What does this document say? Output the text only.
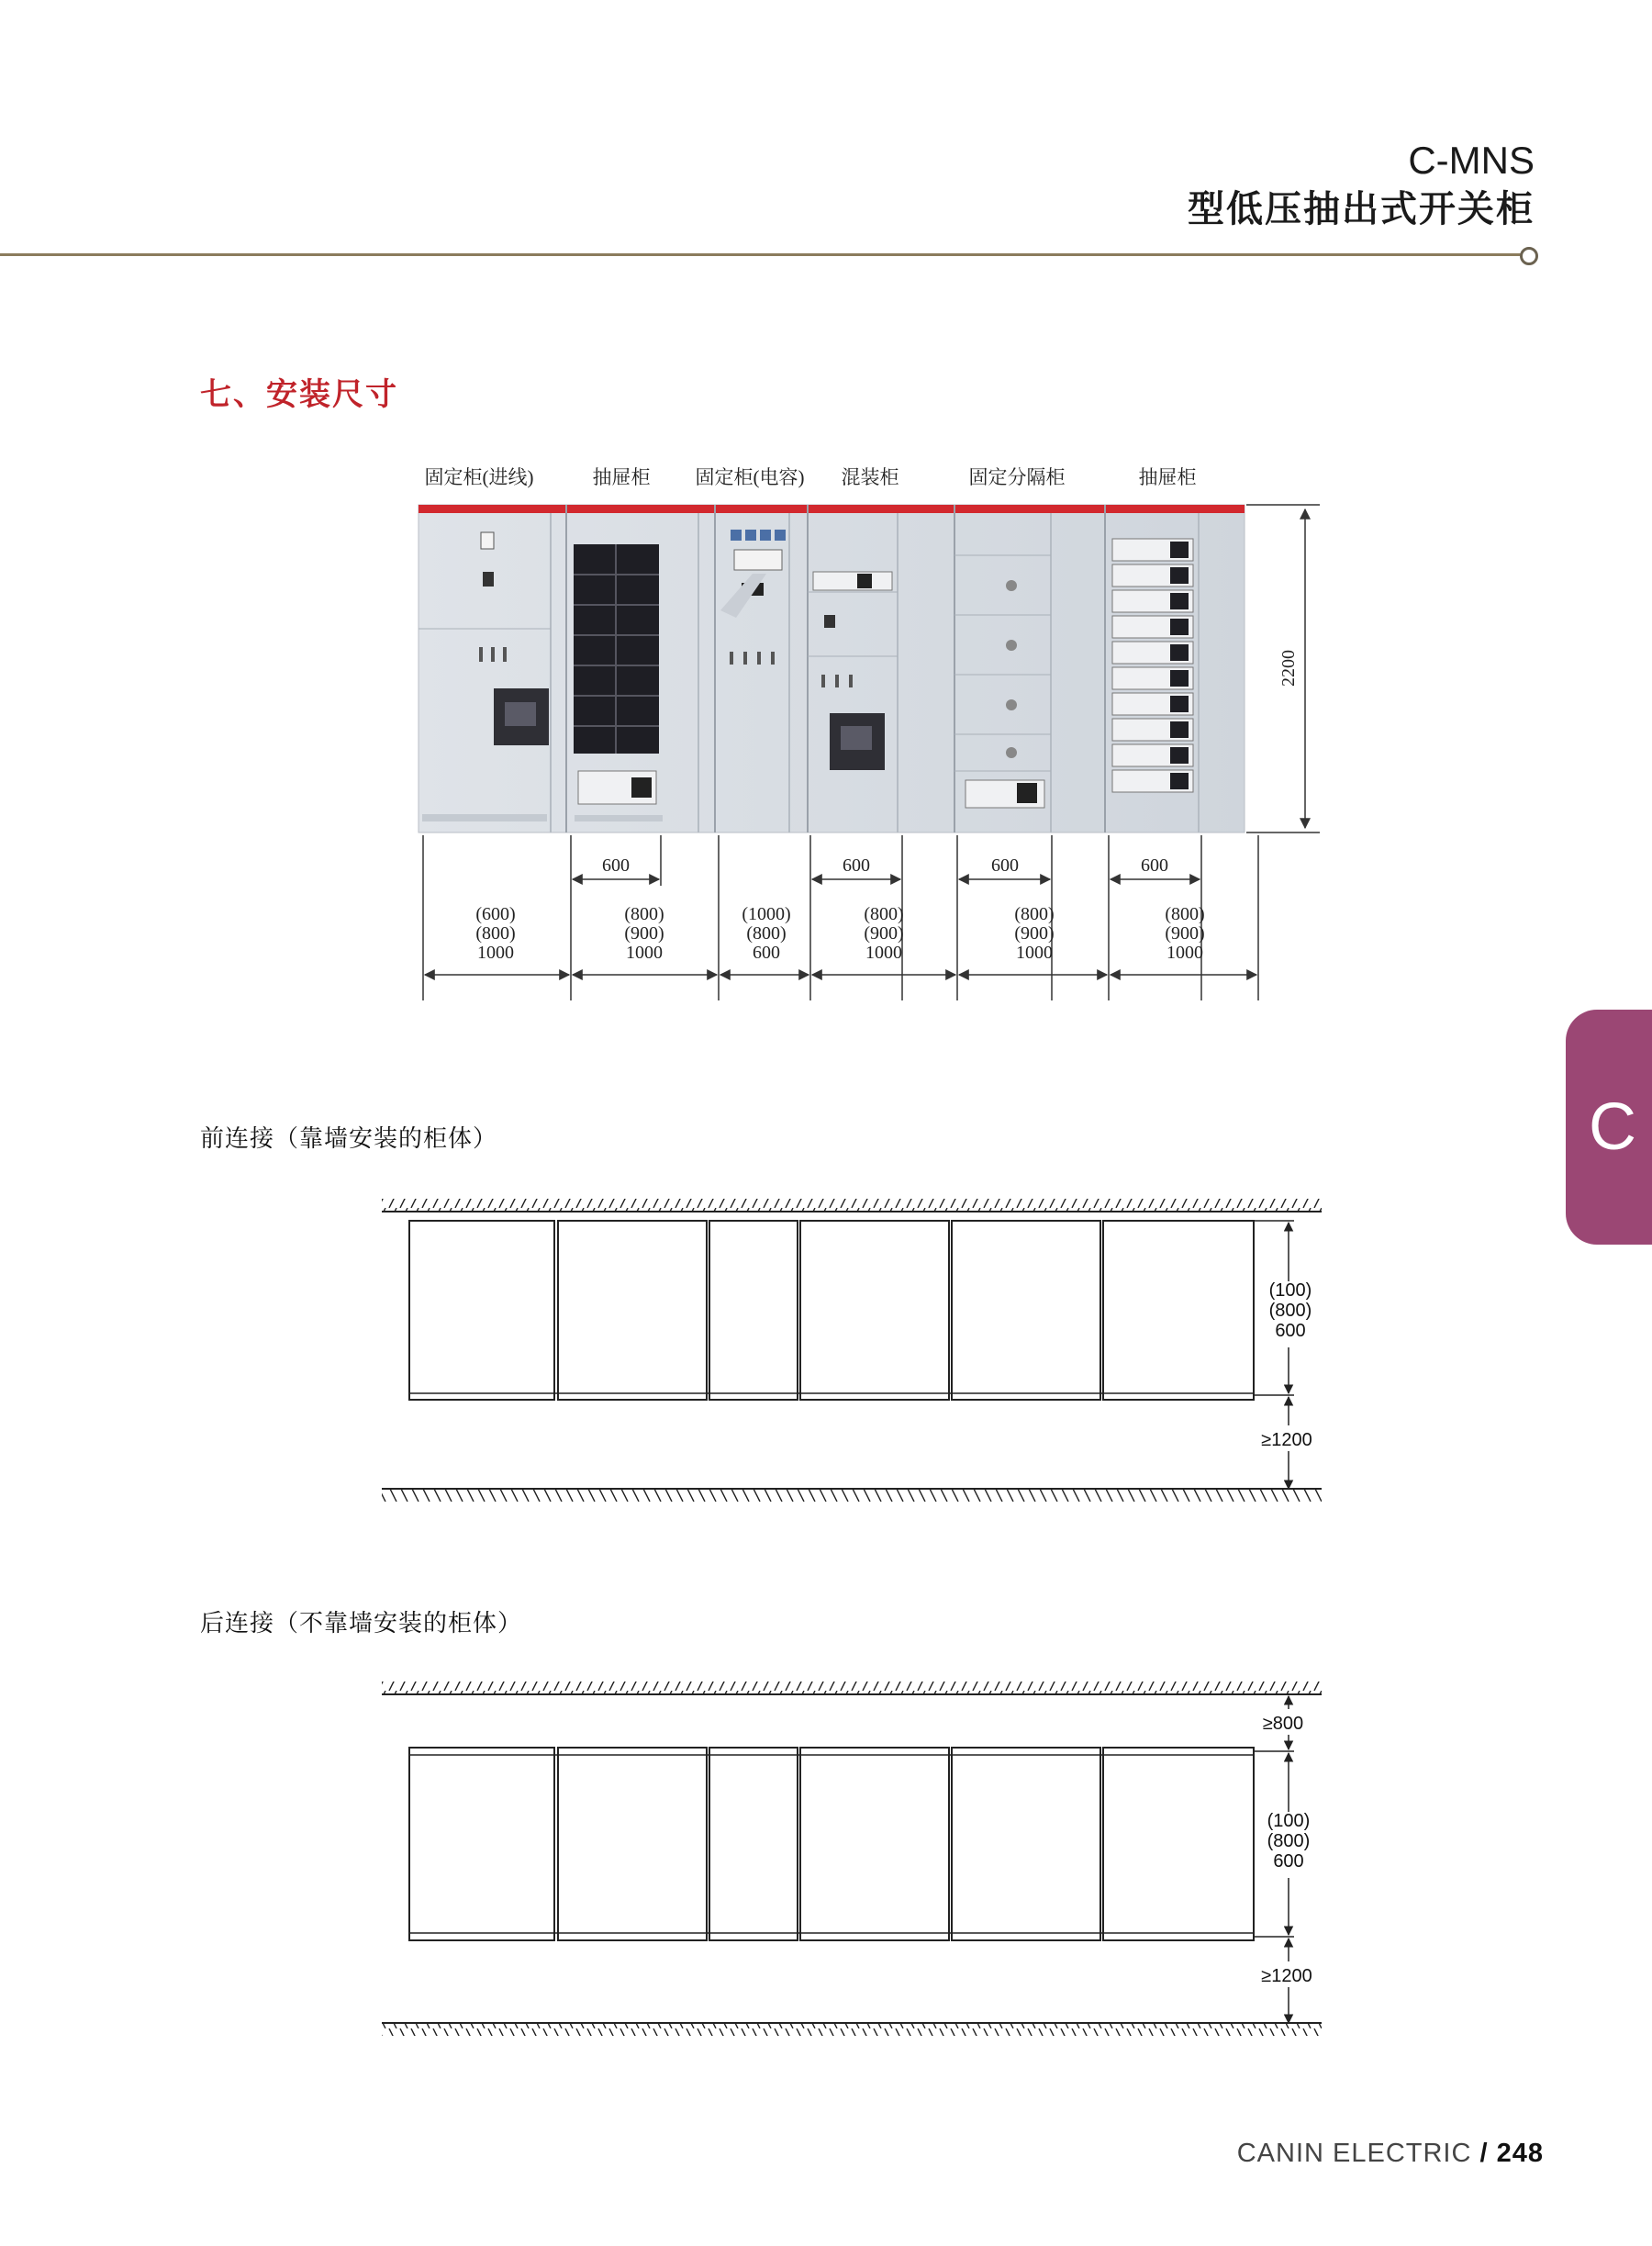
C-MNS
型低压抽出式开关柜
七、安装尺寸
C
固定柜(进线)	抽屉柜 固定柜(电容) 混装柜	固定分隔柜	抽屉柜
2200
600	600	600	600
(600)
(800)
1000
(800)
(900)
1000
(1000)
(800)
600
(800)
(900)
1000
(800)
(900)
1000
(800)
(900)
1000
前连接（靠墙安装的柜体）
(100)
(800)
600
≥1200
后连接（不靠墙安装的柜体）
≥800
(100)
(800)
600
≥1200
CANIN ELECTRIC / 248
